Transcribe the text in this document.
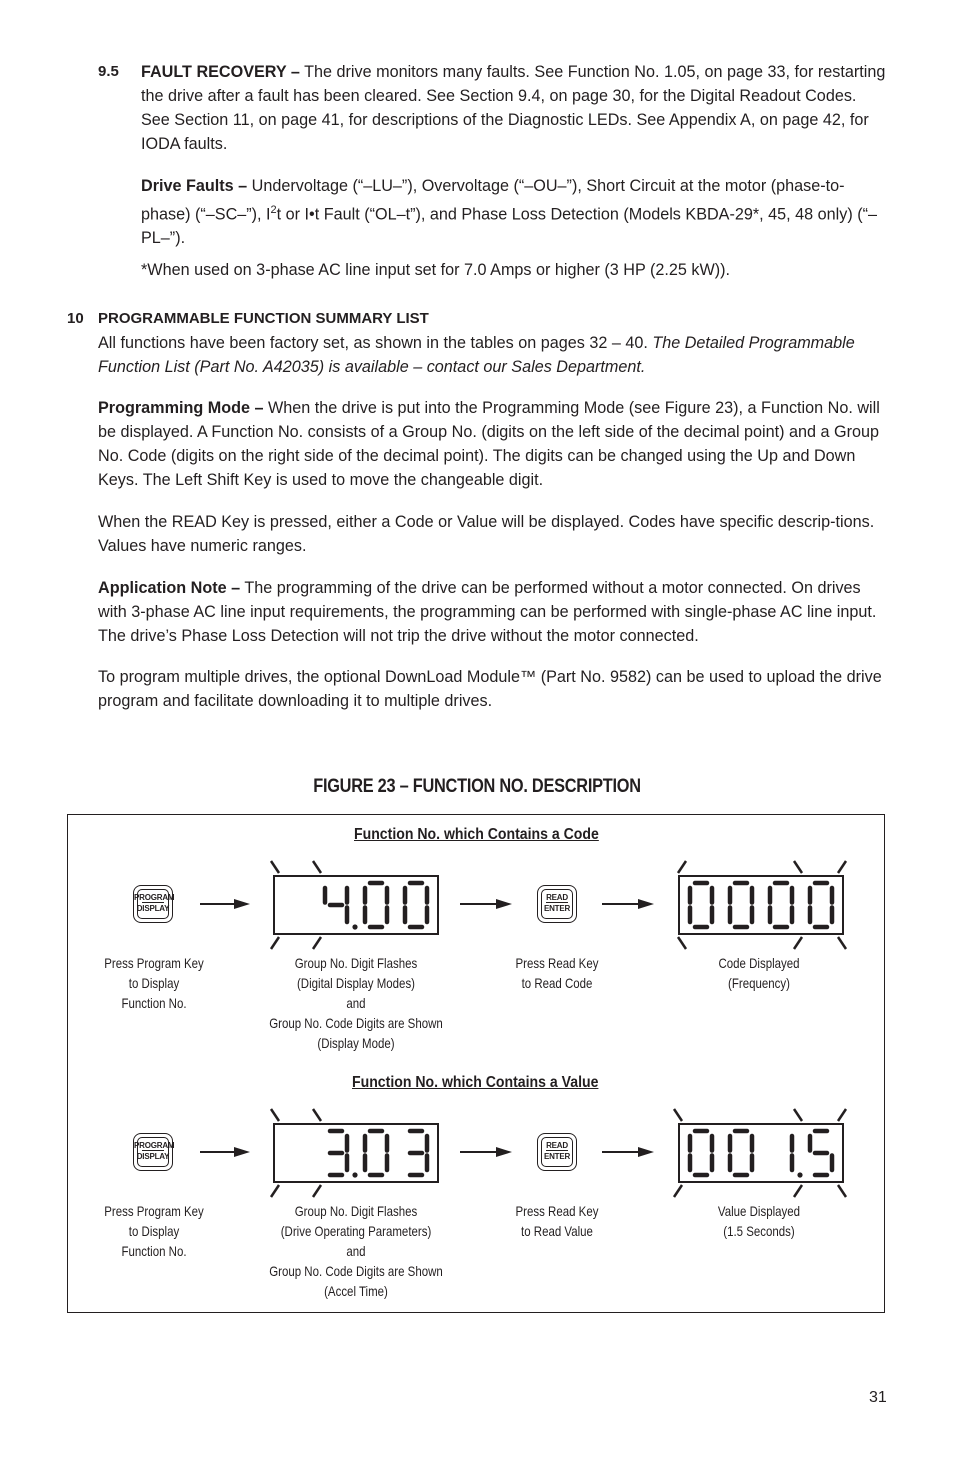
9.5 FAULT RECOVERY – The drive monitors many faults. See Function No. 1.05, on page 33, for restarting the drive after a fault has been cleared. See Section 9.4, on page 30, for the Digital Readout Codes. See Section 11, on page 41, for descriptions of the Diagnostic LEDs. See Appendix A, on page 42, for IODA faults.

Drive Faults – Undervoltage (“–LU–”), Overvoltage (“–OU–”), Short Circuit at the motor (phase-to-phase) (“–SC–”), $I^2t$ or I•t Fault (“OL–t”), and Phase Loss Detection (Models KBDA-29*, 45, 48 only) (“–PL–”).

*When used on 3-phase AC line input set for 7.0 Amps or higher (3 HP (2.25 kW)).

10 PROGRAMMABLE FUNCTION SUMMARY LIST

All functions have been factory set, as shown in the tables on pages 32 – 40. The Detailed Programmable Function List (Part No. A42035) is available – contact our Sales Department.

Programming Mode – When the drive is put into the Programming Mode (see Figure 23), a Function No. will be displayed. A Function No. consists of a Group No. (digits on the left side of the decimal point) and a Group No. Code (digits on the right side of the decimal point). The digits can be changed using the Up and Down Keys. The Left Shift Key is used to move the changeable digit.

When the READ Key is pressed, either a Code or Value will be displayed. Codes have specific descrip-tions. Values have numeric ranges.

Application Note – The programming of the drive can be performed without a motor connected. On drives with 3-phase AC line input requirements, the programming can be performed with single-phase AC line input. The drive’s Phase Loss Detection will not trip the drive without the motor connected.

To program multiple drives, the optional DownLoad Module™ (Part No. 9582) can be used to upload the drive program and facilitate downloading it to multiple drives.

FIGURE 23 – FUNCTION NO. DESCRIPTION
Function No. which Contains a Code
PROGRAM
DISPLAY
READ
ENTER
Press Program Key
to Display
Function No.
Group No. Digit Flashes
(Digital Display Modes)
and
Group No. Code Digits are Shown
(Display Mode)
Press Read Key
to Read Code
Code Displayed
(Frequency)
Function No. which Contains a Value
PROGRAM
DISPLAY
READ
ENTER
Press Program Key
to Display
Function No.
Group No. Digit Flashes
(Drive Operating Parameters)
and
Group No. Code Digits are Shown
(Accel Time)
Press Read Key
to Read Value
Value Displayed
(1.5 Seconds)
31
